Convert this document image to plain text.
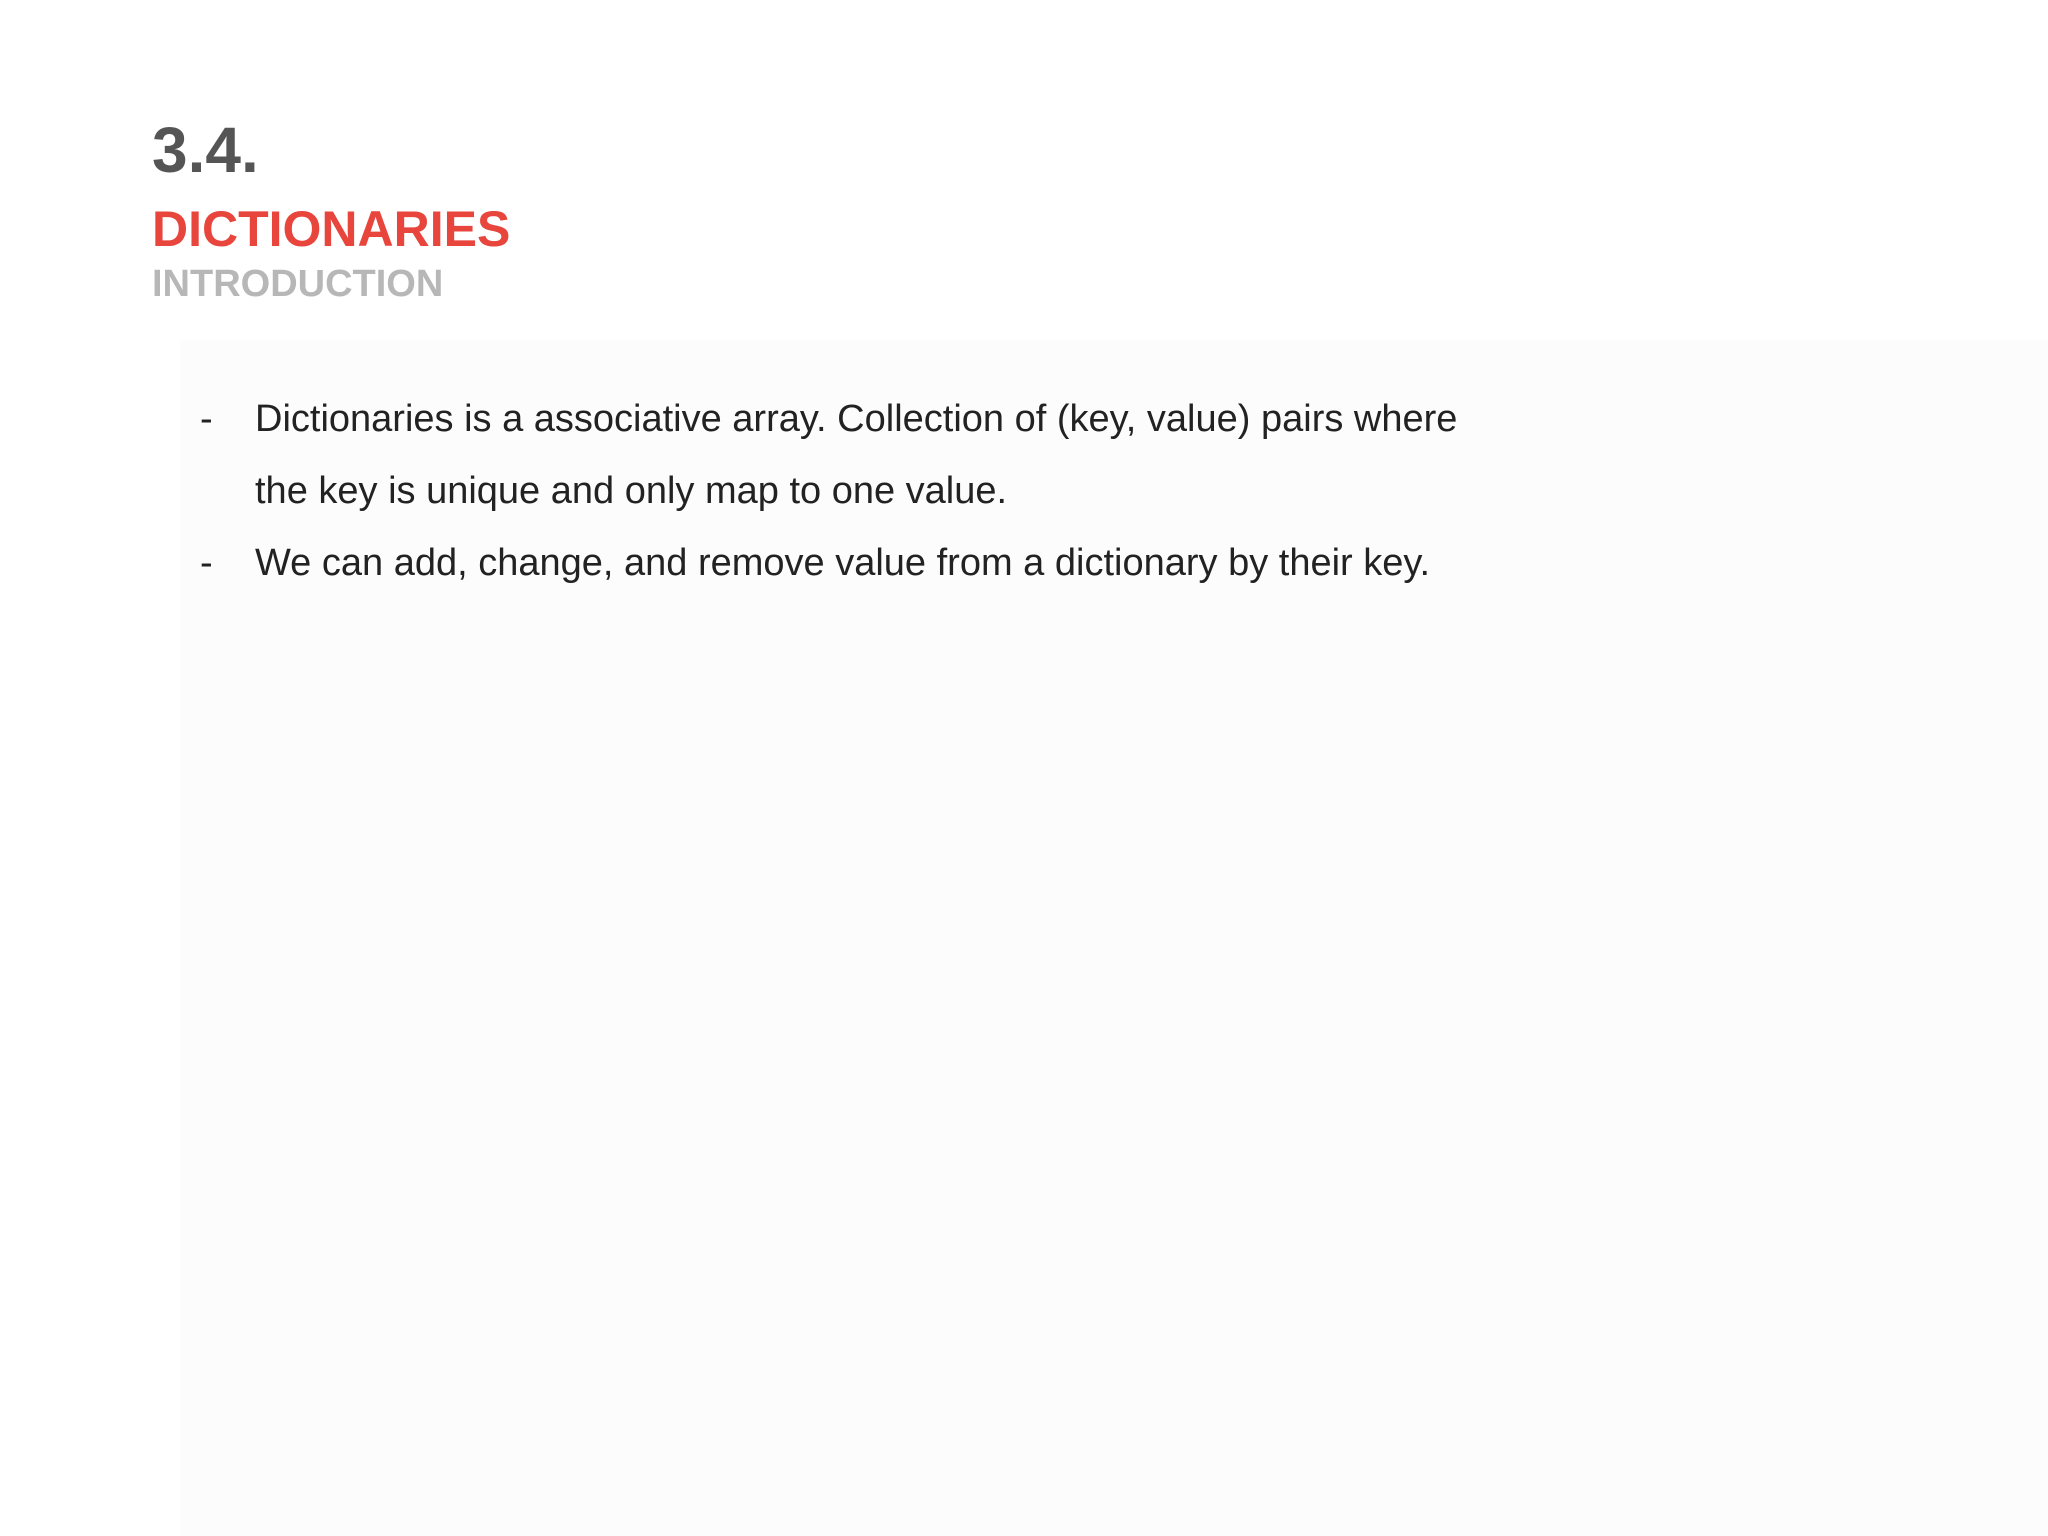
3.4.
DICTIONARIES
INTRODUCTION
- Dictionaries is a associative array. Collection of (key, value) pairs where
the key is unique and only map to one value.
- We can add, change, and remove value from a dictionary by their key.
